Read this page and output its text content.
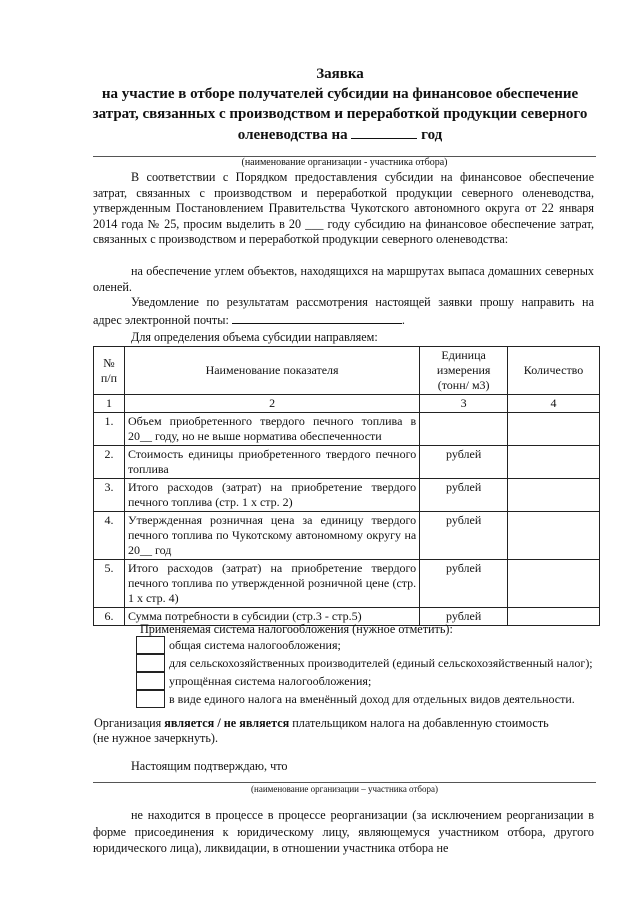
Заявка
на участие в отборе получателей субсидии на финансовое обеспечение
затрат, связанных с производством и переработкой продукции северного
оленеводства на	год
(наименование организации - участника отбора)
В соответствии с Порядком предоставления субсидии на финансовое обеспечение затрат, связанных с производством и переработкой продукции северного оленеводства, утвержденным Постановлением Правительства Чукотского автономного округа от 22 января 2014 года № 25, просим выделить в 20 ___ году субсидию на финансовое обеспечение затрат, связанных с производством и переработкой продукции северного оленеводства:
на обеспечение углем объектов, находящихся на маршрутах выпаса домашних северных оленей.
Уведомление по результатам рассмотрения настоящей заявки прошу направить на
адрес электронной почты:	.
Для определения объема субсидии направляем:
№ п/п	Наименование показателя	Единица измерения (тонн/ м3)	Количество
1	2	3	4
1.	Объем приобретенного твердого печного топлива в 20__ году, но не выше норматива обеспеченности		
2.	Стоимость единицы приобретенного твердого печного топлива	рублей	
3.	Итого расходов (затрат) на приобретение твердого печного топлива (стр. 1 х стр. 2)	рублей	
4.	Утвержденная розничная цена за единицу твердого печного топлива по Чукотскому автономному округу на 20__ год	рублей	
5.	Итого расходов (затрат) на приобретение твердого печного топлива по утвержденной розничной цене (стр. 1 х стр. 4)	рублей	
6.	Сумма потребности в субсидии (стр.3 - стр.5)	рублей	
Применяемая система налогообложения (нужное отметить):
общая система налогообложения;
для сельскохозяйственных производителей (единый сельскохозяйственный налог);
упрощённая система налогообложения;
в виде единого налога на вменённый доход для отдельных видов деятельности.
Организация является / не является плательщиком налога на добавленную стоимость
(не нужное зачеркнуть).
Настоящим подтверждаю, что
(наименование организации – участника отбора)
не находится в процессе в процессе реорганизации (за исключением реорганизации в форме присоединения к юридическому лицу, являющемуся участником отбора, другого юридического лица), ликвидации, в отношении участника отбора не
